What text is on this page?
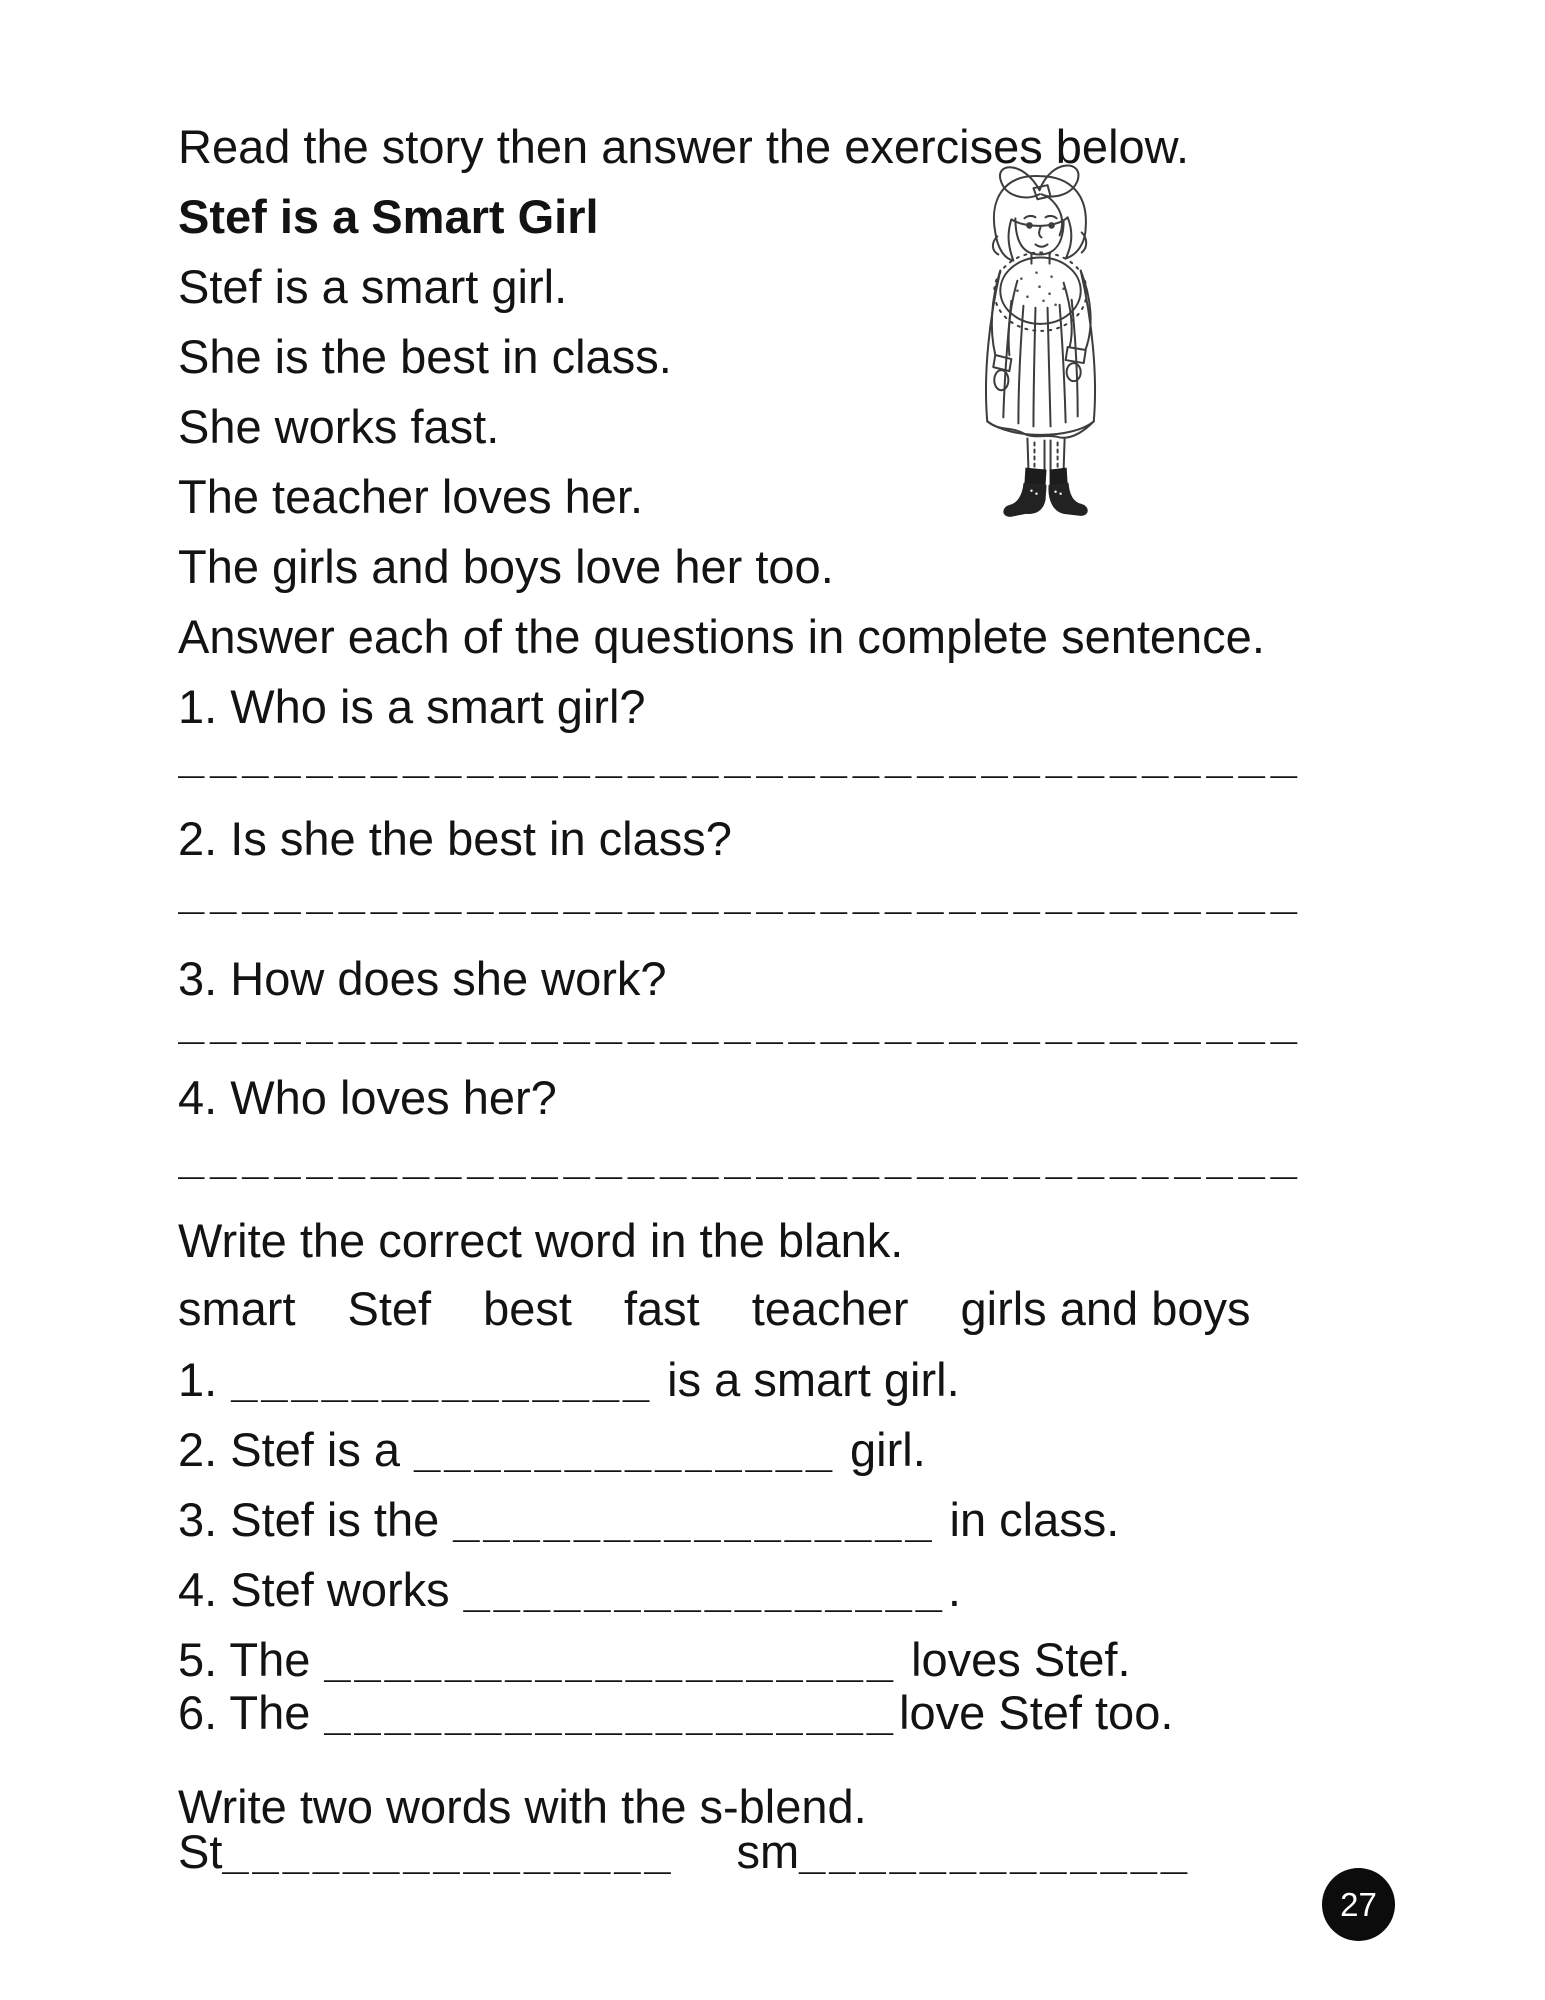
Read the story then answer the exercises below.

Stef is a Smart Girl

Stef is a smart girl.

She is the best in class.

She works fast.

The teacher loves her.

The girls and boys love her too.

Answer each of the questions in complete sentence.

1. Who is a smart girl?

___________________________________

2. Is she the best in class?

___________________________________

3. How does she work?

___________________________________

4. Who loves her?

___________________________________

Write the correct word in the blank.

smart Stef best fast teacher girls and boys

1. ______________ is a smart girl.

2. Stef is a ______________ girl.

3. Stef is the ________________ in class.

4. Stef works ________________.

5. The ___________________ loves Stef.

6. The ___________________love Stef too.

Write two words with the s-blend.

St_______________ sm_____________

27
